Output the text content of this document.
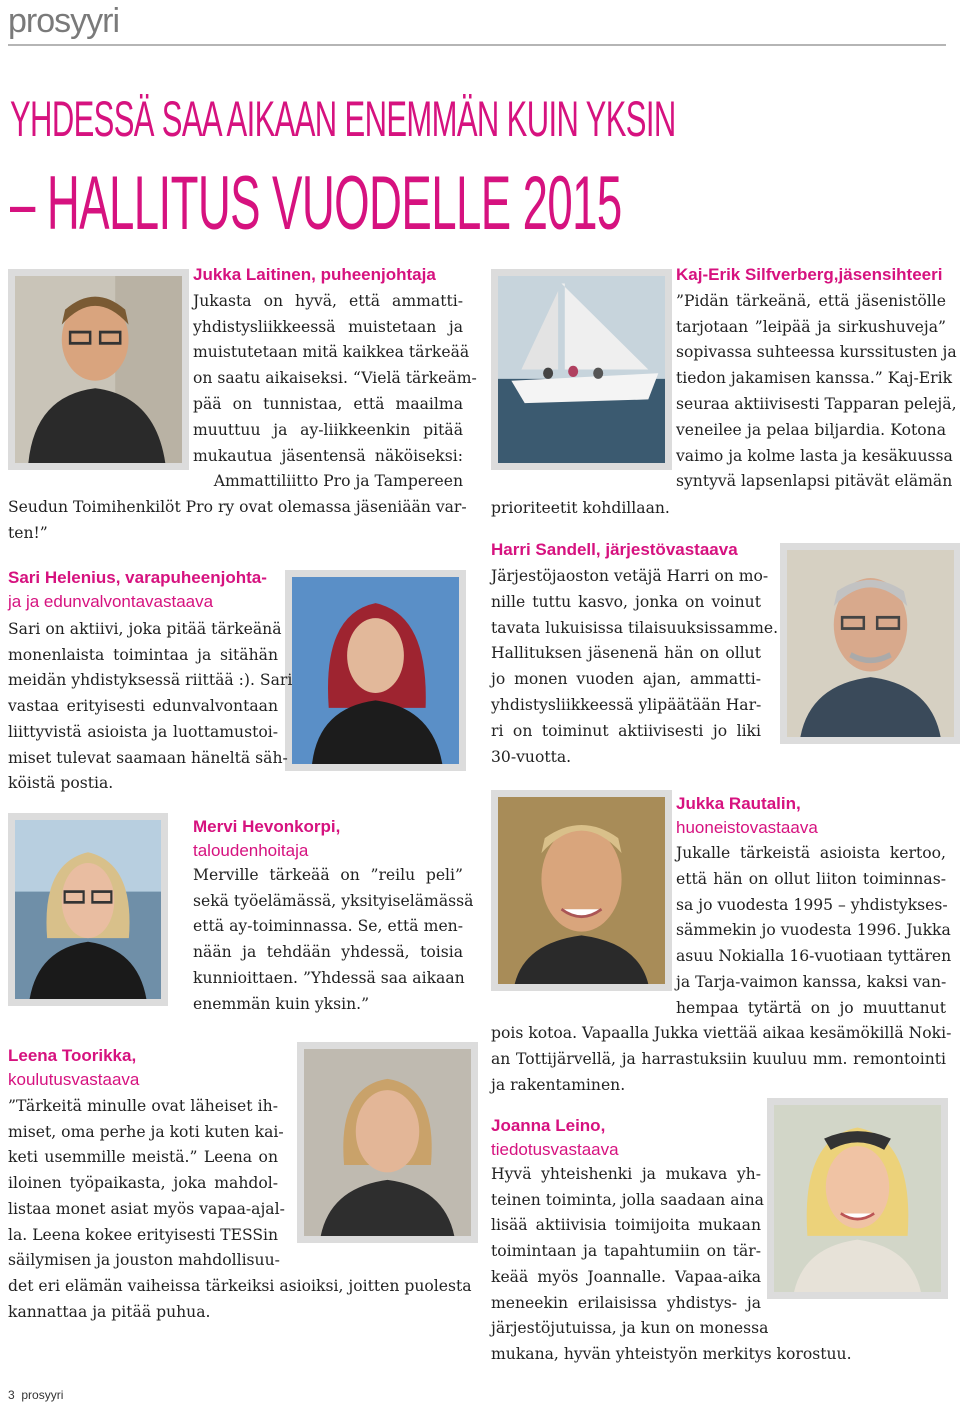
prosyyri
YHDESSÄ SAA AIKAAN ENEMMÄN KUIN YKSIN
– HALLITUS VUODELLE 2015
Jukka Laitinen, puheenjohtaja
Jukasta on hyvä, että ammatti-
yhdistysliikkeessä muistetaan ja
muistutetaan mitä kaikkea tärkeää
on saatu aikaiseksi. “Vielä tärkeäm-
pää on tunnistaa, että maailma
muuttuu ja ay-liikkeenkin pitää
mukautua jäsentensä näköiseksi:
Ammattiliitto Pro ja Tampereen
Seudun Toimihenkilöt Pro ry ovat olemassa jäseniään var-
ten!”
Sari Helenius, varapuheenjohta-
ja ja edunvalvontavastaava
Sari on aktiivi, joka pitää tärkeänä
monenlaista toimintaa ja sitähän
meidän yhdistyksessä riittää :). Sari
vastaa erityisesti edunvalvontaan
liittyvistä asioista ja luottamustoi-
miset tulevat saamaan häneltä säh-
köistä postia.
Mervi Hevonkorpi,
taloudenhoitaja
Merville tärkeää on ”reilu peli”
sekä työelämässä, yksityiselämässä
että ay-toiminnassa. Se, että men-
nään ja tehdään yhdessä, toisia
kunnioittaen. ”Yhdessä saa aikaan
enemmän kuin yksin.”
Leena Toorikka,
koulutusvastaava
”Tärkeitä minulle ovat läheiset ih-
miset, oma perhe ja koti kuten kai-
keti usemmille meistä.” Leena on
iloinen työpaikasta, joka mahdol-
listaa monet asiat myös vapaa-ajal-
la. Leena kokee erityisesti TESSin
säilymisen ja jouston mahdollisuu-
det eri elämän vaiheissa tärkeiksi asioiksi, joitten puolesta
kannattaa ja pitää puhua.
Kaj-Erik Silfverberg,jäsensihteeri
”Pidän tärkeänä, että jäsenistölle
tarjotaan ”leipää ja sirkushuveja”
sopivassa suhteessa kurssitusten ja
tiedon jakamisen kanssa.” Kaj-Erik
seuraa aktiivisesti Tapparan pelejä,
veneilee ja pelaa biljardia. Kotona
vaimo ja kolme lasta ja kesäkuussa
syntyvä lapsenlapsi pitävät elämän
prioriteetit kohdillaan.
Harri Sandell, järjestövastaava
Järjestöjaoston vetäjä Harri on mo-
nille tuttu kasvo, jonka on voinut
tavata lukuisissa tilaisuuksissamme.
Hallituksen jäsenenä hän on ollut
jo monen vuoden ajan, ammatti-
yhdistysliikkeessä ylipäätään Har-
ri on toiminut aktiivisesti jo liki
30-vuotta.
Jukka Rautalin,
huoneistovastaava
Jukalle tärkeistä asioista kertoo,
että hän on ollut liiton toiminnas-
sa jo vuodesta 1995 – yhdistykses-
sämmekin jo vuodesta 1996. Jukka
asuu Nokialla 16-vuotiaan tyttären
ja Tarja-vaimon kanssa, kaksi van-
hempaa tytärtä on jo muuttanut
pois kotoa. Vapaalla Jukka viettää aikaa kesämökillä Noki-
an Tottijärvellä, ja harrastuksiin kuuluu mm. remontointi
ja rakentaminen.
Joanna Leino,
tiedotusvastaava
Hyvä yhteishenki ja mukava yh-
teinen toiminta, jolla saadaan aina
lisää aktiivisia toimijoita mukaan
toimintaan ja tapahtumiin on tär-
keää myös Joannalle. Vapaa-aika
meneekin erilaisissa yhdistys- ja
järjestöjutuissa, ja kun on monessa
mukana, hyvän yhteistyön merkitys korostuu.
3 prosyyri
